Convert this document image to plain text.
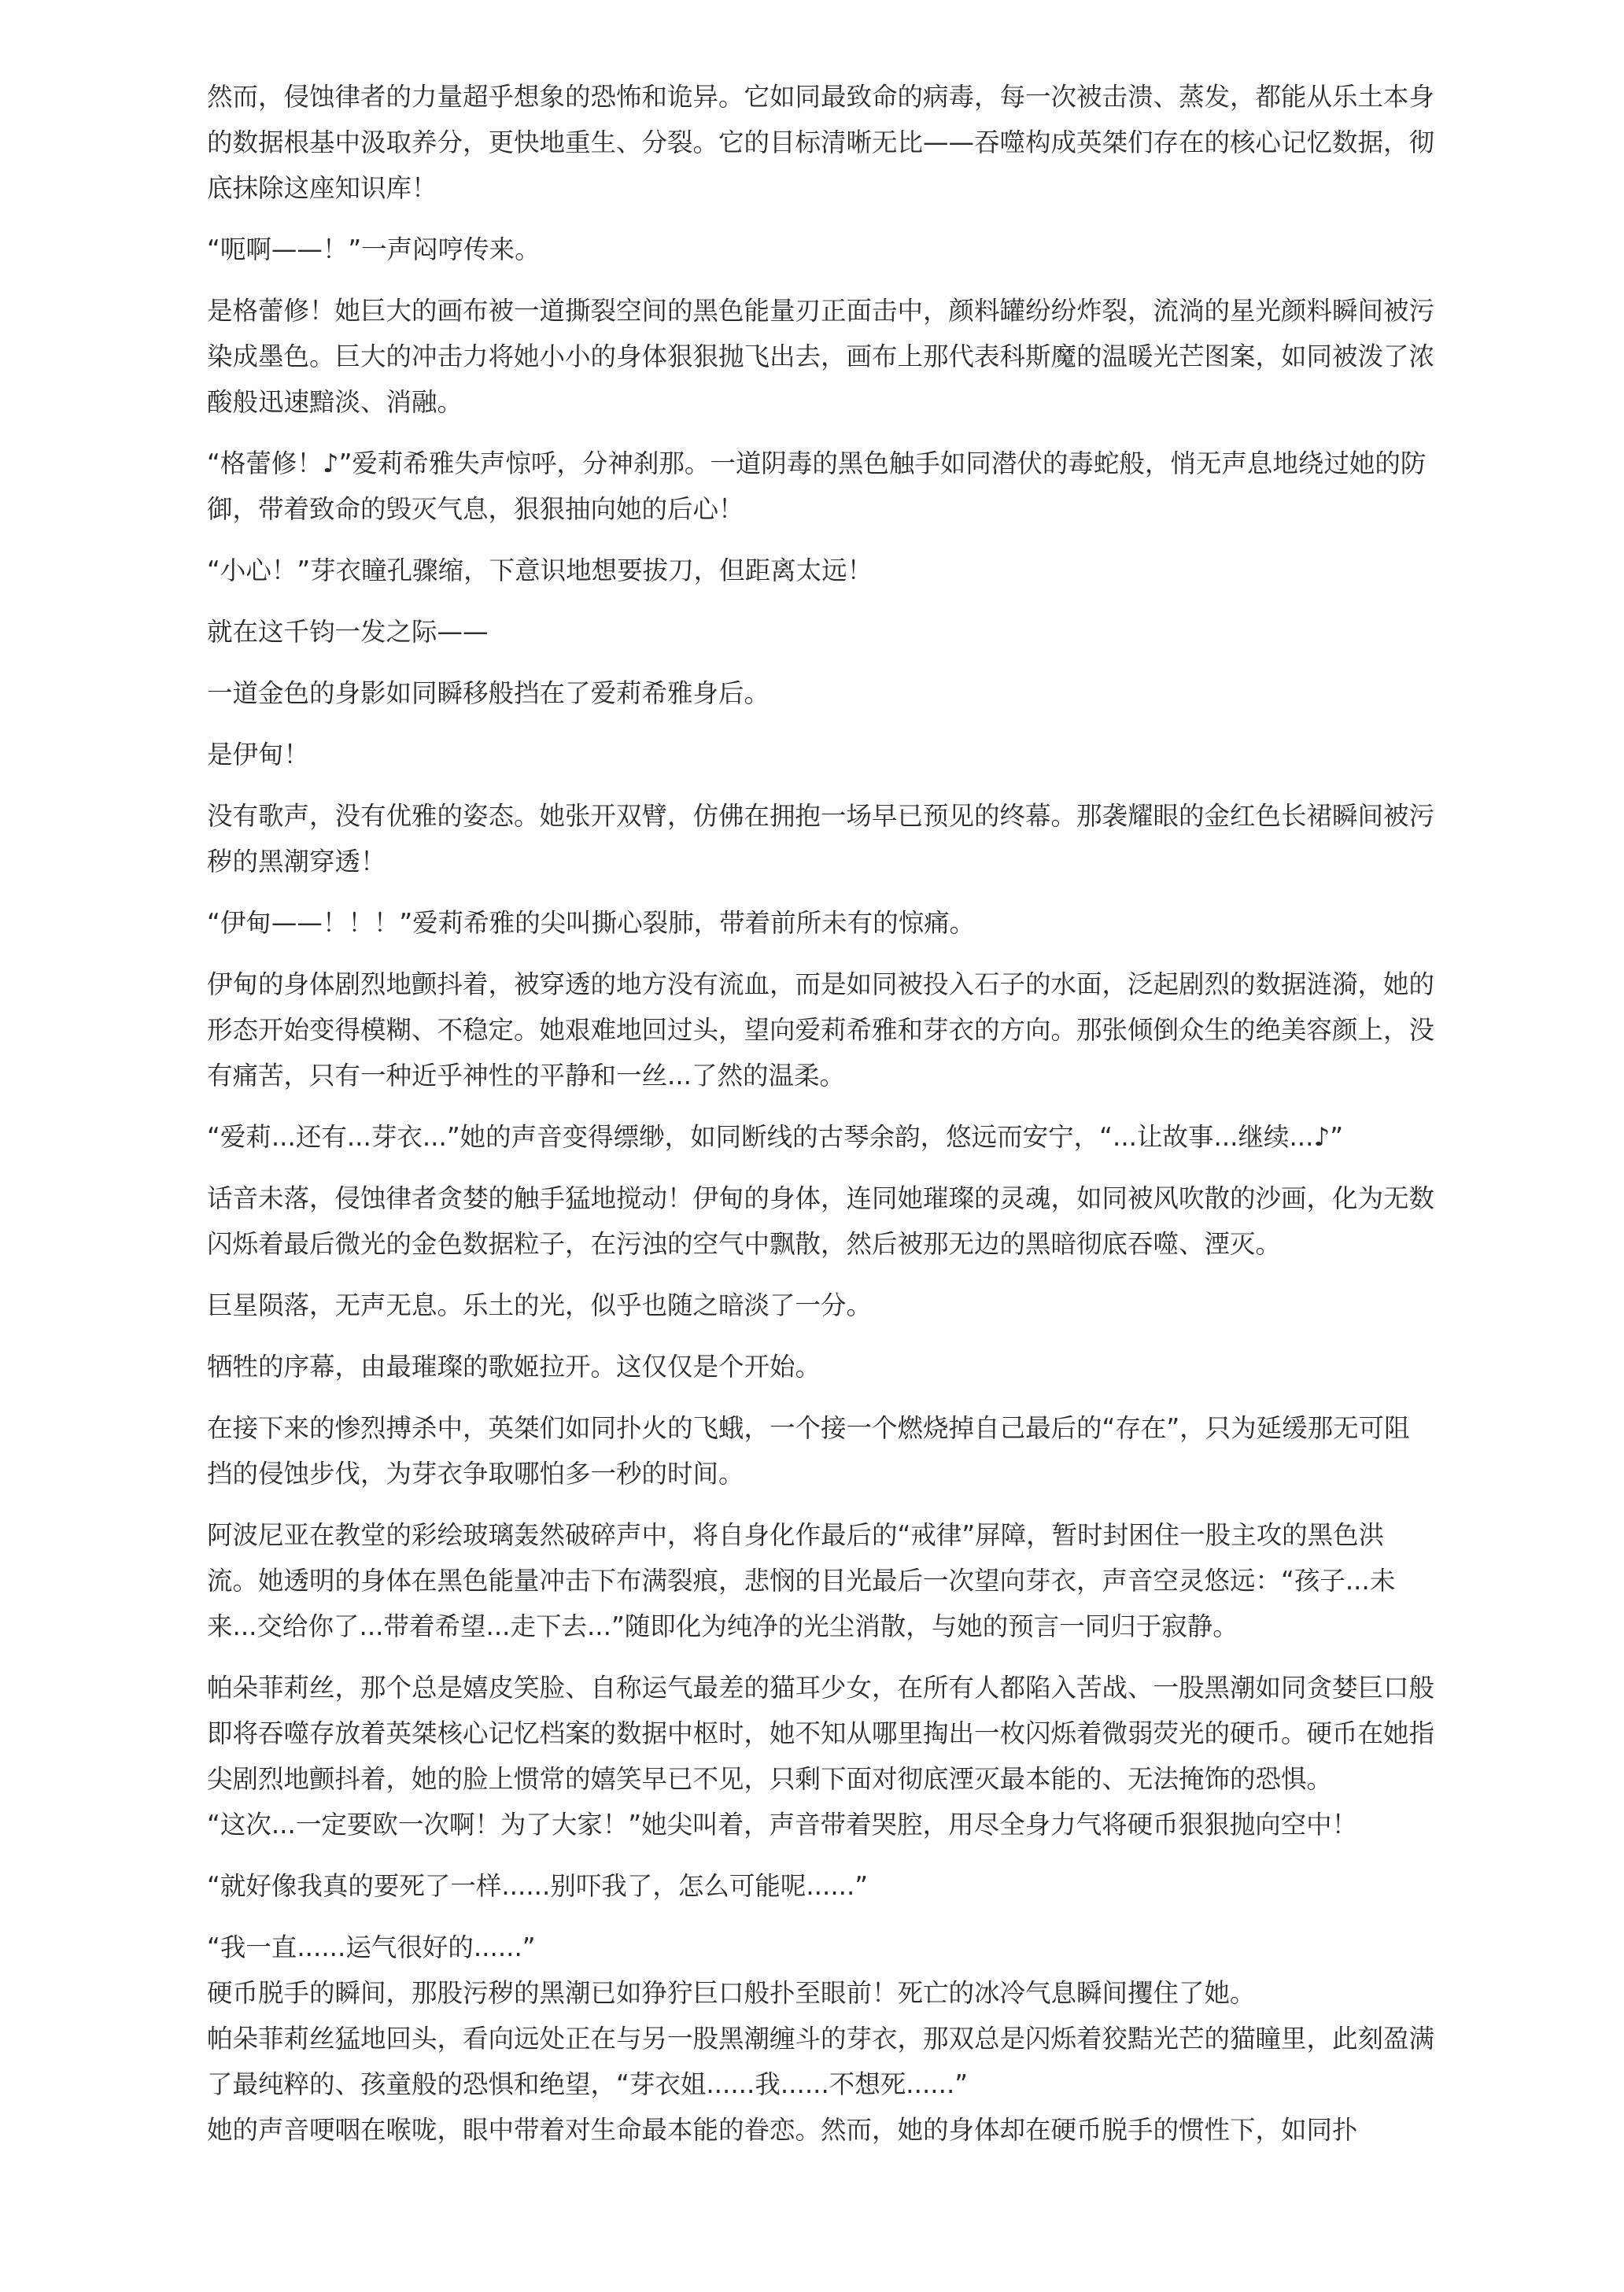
然而，侵蚀律者的力量超乎想象的恐怖和诡异。它如同最致命的病毒，每一次被击溃、蒸发，都能从乐土本身的数据根基中汲取养分，更快地重生、分裂。它的目标清晰无比——吞噬构成英桀们存在的核心记忆数据，彻底抹除这座知识库！

“呃啊——！”一声闷哼传来。

是格蕾修！她巨大的画布被一道撕裂空间的黑色能量刃正面击中，颜料罐纷纷炸裂，流淌的星光颜料瞬间被污染成墨色。巨大的冲击力将她小小的身体狠狠抛飞出去，画布上那代表科斯魔的温暖光芒图案，如同被泼了浓酸般迅速黯淡、消融。

“格蕾修！♪”爱莉希雅失声惊呼，分神刹那。一道阴毒的黑色触手如同潜伏的毒蛇般，悄无声息地绕过她的防御，带着致命的毁灭气息，狠狠抽向她的后心！

“小心！”芽衣瞳孔骤缩，下意识地想要拔刀，但距离太远！

就在这千钧一发之际——

一道金色的身影如同瞬移般挡在了爱莉希雅身后。

是伊甸！

没有歌声，没有优雅的姿态。她张开双臂，仿佛在拥抱一场早已预见的终幕。那袭耀眼的金红色长裙瞬间被污秽的黑潮穿透！

“伊甸——！！！”爱莉希雅的尖叫撕心裂肺，带着前所未有的惊痛。

伊甸的身体剧烈地颤抖着，被穿透的地方没有流血，而是如同被投入石子的水面，泛起剧烈的数据涟漪，她的形态开始变得模糊、不稳定。她艰难地回过头，望向爱莉希雅和芽衣的方向。那张倾倒众生的绝美容颜上，没有痛苦，只有一种近乎神性的平静和一丝...了然的温柔。

“爱莉...还有...芽衣...”她的声音变得缥缈，如同断线的古琴余韵，悠远而安宁，“...让故事...继续...♪”

话音未落，侵蚀律者贪婪的触手猛地搅动！伊甸的身体，连同她璀璨的灵魂，如同被风吹散的沙画，化为无数闪烁着最后微光的金色数据粒子，在污浊的空气中飘散，然后被那无边的黑暗彻底吞噬、湮灭。

巨星陨落，无声无息。乐土的光，似乎也随之暗淡了一分。

牺牲的序幕，由最璀璨的歌姬拉开。这仅仅是个开始。

在接下来的惨烈搏杀中，英桀们如同扑火的飞蛾，一个接一个燃烧掉自己最后的“存在”，只为延缓那无可阻挡的侵蚀步伐，为芽衣争取哪怕多一秒的时间。

阿波尼亚在教堂的彩绘玻璃轰然破碎声中，将自身化作最后的“戒律”屏障，暂时封困住一股主攻的黑色洪流。她透明的身体在黑色能量冲击下布满裂痕，悲悯的目光最后一次望向芽衣，声音空灵悠远：“孩子...未来...交给你了...带着希望...走下去...”随即化为纯净的光尘消散，与她的预言一同归于寂静。

帕朵菲莉丝，那个总是嬉皮笑脸、自称运气最差的猫耳少女，在所有人都陷入苦战、一股黑潮如同贪婪巨口般即将吞噬存放着英桀核心记忆档案的数据中枢时，她不知从哪里掏出一枚闪烁着微弱荧光的硬币。硬币在她指尖剧烈地颤抖着，她的脸上惯常的嬉笑早已不见，只剩下面对彻底湮灭最本能的、无法掩饰的恐惧。

“这次...一定要欧一次啊！为了大家！”她尖叫着，声音带着哭腔，用尽全身力气将硬币狠狠抛向空中！

“就好像我真的要死了一样......别吓我了，怎么可能呢......”

“我一直......运气很好的......”

硬币脱手的瞬间，那股污秽的黑潮已如狰狞巨口般扑至眼前！死亡的冰冷气息瞬间攫住了她。

帕朵菲莉丝猛地回头，看向远处正在与另一股黑潮缠斗的芽衣，那双总是闪烁着狡黠光芒的猫瞳里，此刻盈满了最纯粹的、孩童般的恐惧和绝望，“芽衣姐......我......不想死......”

她的声音哽咽在喉咙，眼中带着对生命最本能的眷恋。然而，她的身体却在硬币脱手的惯性下，如同扑
